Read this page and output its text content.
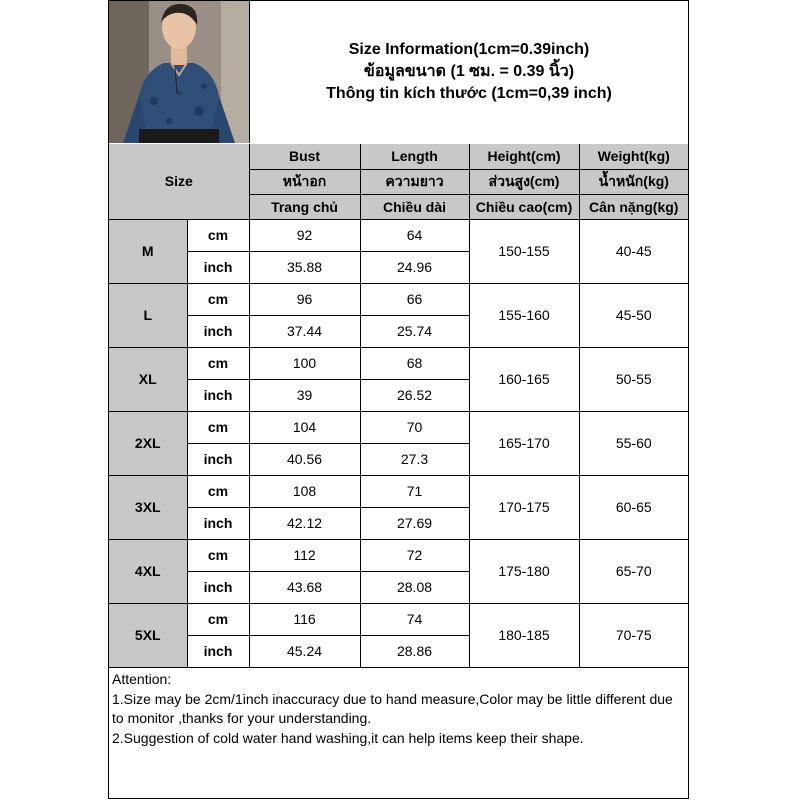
Size Information(1cm=0.39inch)
ข้อมูลขนาด (1 ซม. = 0.39 นิ้ว)
Thông tin kích thước (1cm=0,39 inch)
Size		Bust	Length	Height(cm)	Weight(kg)
		หน้าอก	ความยาว	ส่วนสูง(cm)	น้ำหนัก(kg)
		Trang chủ	Chiều dài	Chiều cao(cm)	Cân nặng(kg)
M	cm	92	64	150-155	40-45
	inch	35.88	24.96		
L	cm	96	66	155-160	45-50
	inch	37.44	25.74		
XL	cm	100	68	160-165	50-55
	inch	39	26.52		
2XL	cm	104	70	165-170	55-60
	inch	40.56	27.3		
3XL	cm	108	71	170-175	60-65
	inch	42.12	27.69		
4XL	cm	112	72	175-180	65-70
	inch	43.68	28.08		
5XL	cm	116	74	180-185	70-75
	inch	45.24	28.86		
Attention:
1.Size may be 2cm/1inch inaccuracy due to hand measure,Color may be little different due to monitor ,thanks for your understanding.
2.Suggestion of cold water hand washing,it can help items keep their shape.
